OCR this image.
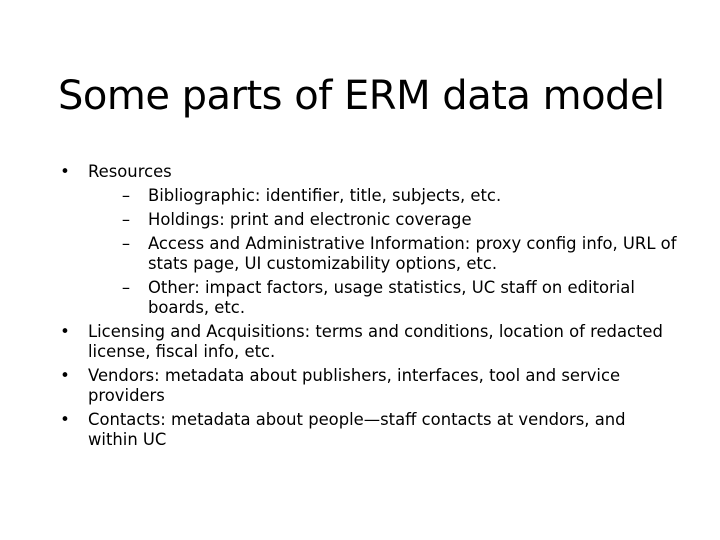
Some parts of ERM data model
• Resources
– Bibliographic: identifier, title, subjects, etc.
– Holdings: print and electronic coverage
– Access and Administrative Information: proxy config info, URL of stats page, UI customizability options, etc.
– Other: impact factors, usage statistics, UC staff on editorial boards, etc.
• Licensing and Acquisitions: terms and conditions, location of redacted license, fiscal info, etc.
• Vendors: metadata about publishers, interfaces, tool and service providers
• Contacts: metadata about people—staff contacts at vendors, and within UC
